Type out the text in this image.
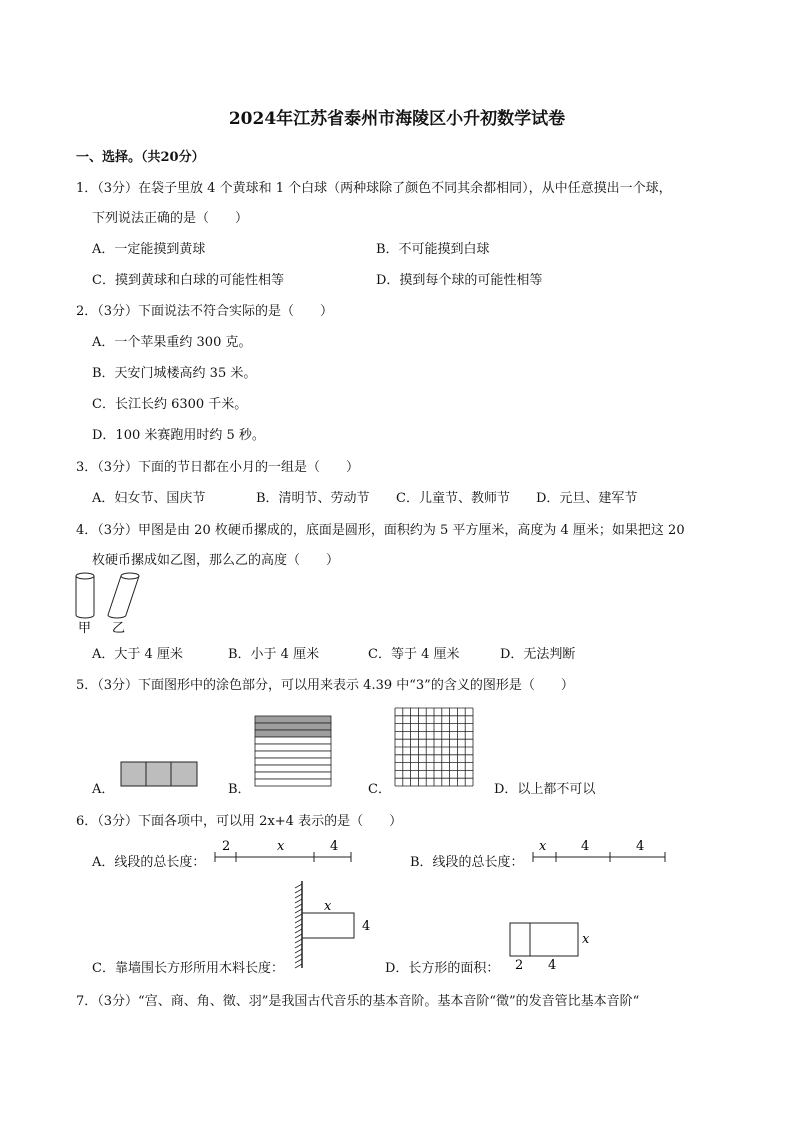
2024年江苏省泰州市海陵区小升初数学试卷
一、选择。（共20分）
1．（3分）在袋子里放 4 个黄球和 1 个白球（两种球除了颜色不同其余都相同），从中任意摸出一个球，
下列说法正确的是（　　）
A．一定能摸到黄球	B．不可能摸到白球
C．摸到黄球和白球的可能性相等	D．摸到每个球的可能性相等
2．（3分）下面说法不符合实际的是（　　）
A．一个苹果重约 300 克。
B．天安门城楼高约 35 米。
C．长江长约 6300 千米。
D．100 米赛跑用时约 5 秒。
3．（3分）下面的节日都在小月的一组是（　　）
A．妇女节、国庆节	B．清明节、劳动节 C．儿童节、教师节 D．元旦、建军节
4．（3分）甲图是由 20 枚硬币摞成的，底面是圆形，面积约为 5 平方厘米，高度为 4 厘米；如果把这 20
枚硬币摞成如乙图，那么乙的高度（　　）
甲 乙
A．大于 4 厘米	B．小于 4 厘米	C．等于 4 厘米	D．无法判断
5．（3分）下面图形中的涂色部分，可以用来表示 4.39 中“3”的含义的图形是（　　）
A．	B．	C．	D．以上都不可以
6．（3分）下面各项中，可以用 2x+4 表示的是（　　）
A．线段的总长度：
2	x	4
B．线段的总长度：
x	4	4
C．靠墙围长方形所用木料长度：
x
4
D．长方形的面积：
x
2 4
7．（3分）“宫、商、角、徵、羽”是我国古代音乐的基本音阶。基本音阶“徵”的发音管比基本音阶“
